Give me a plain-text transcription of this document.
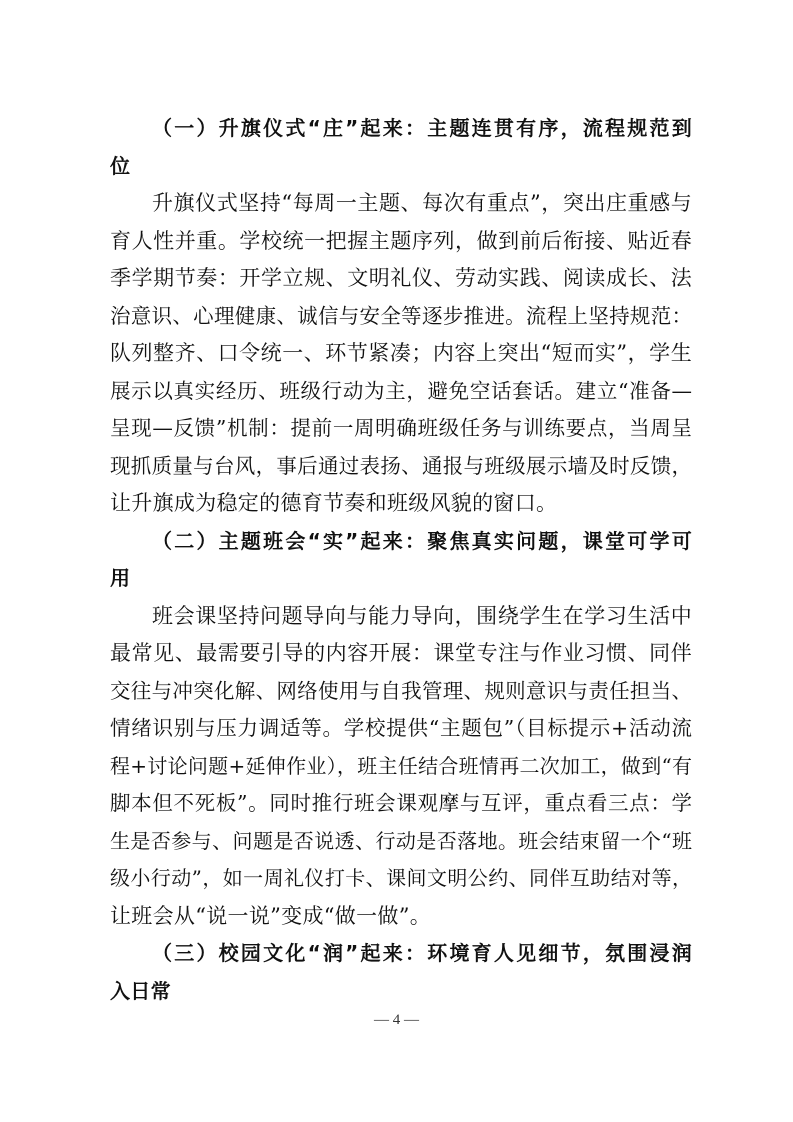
（一）升旗仪式“庄”起来：主题连贯有序，流程规范到
位
升旗仪式坚持“每周一主题、每次有重点”，突出庄重感与
育人性并重。学校统一把握主题序列，做到前后衔接、贴近春
季学期节奏：开学立规、文明礼仪、劳动实践、阅读成长、法
治意识、心理健康、诚信与安全等逐步推进。流程上坚持规范：
队列整齐、口令统一、环节紧凑；内容上突出“短而实”，学生
展示以真实经历、班级行动为主，避免空话套话。建立“准备—
呈现—反馈”机制：提前一周明确班级任务与训练要点，当周呈
现抓质量与台风，事后通过表扬、通报与班级展示墙及时反馈，
让升旗成为稳定的德育节奏和班级风貌的窗口。
（二）主题班会“实”起来：聚焦真实问题，课堂可学可
用
班会课坚持问题导向与能力导向，围绕学生在学习生活中
最常见、最需要引导的内容开展：课堂专注与作业习惯、同伴
交往与冲突化解、网络使用与自我管理、规则意识与责任担当、
情绪识别与压力调适等。学校提供“主题包”（目标提示+活动流
程+讨论问题+延伸作业），班主任结合班情再二次加工，做到“有
脚本但不死板”。同时推行班会课观摩与互评，重点看三点：学
生是否参与、问题是否说透、行动是否落地。班会结束留一个“班
级小行动”，如一周礼仪打卡、课间文明公约、同伴互助结对等，
让班会从“说一说”变成“做一做”。
（三）校园文化“润”起来：环境育人见细节，氛围浸润
入日常
— 4 —
